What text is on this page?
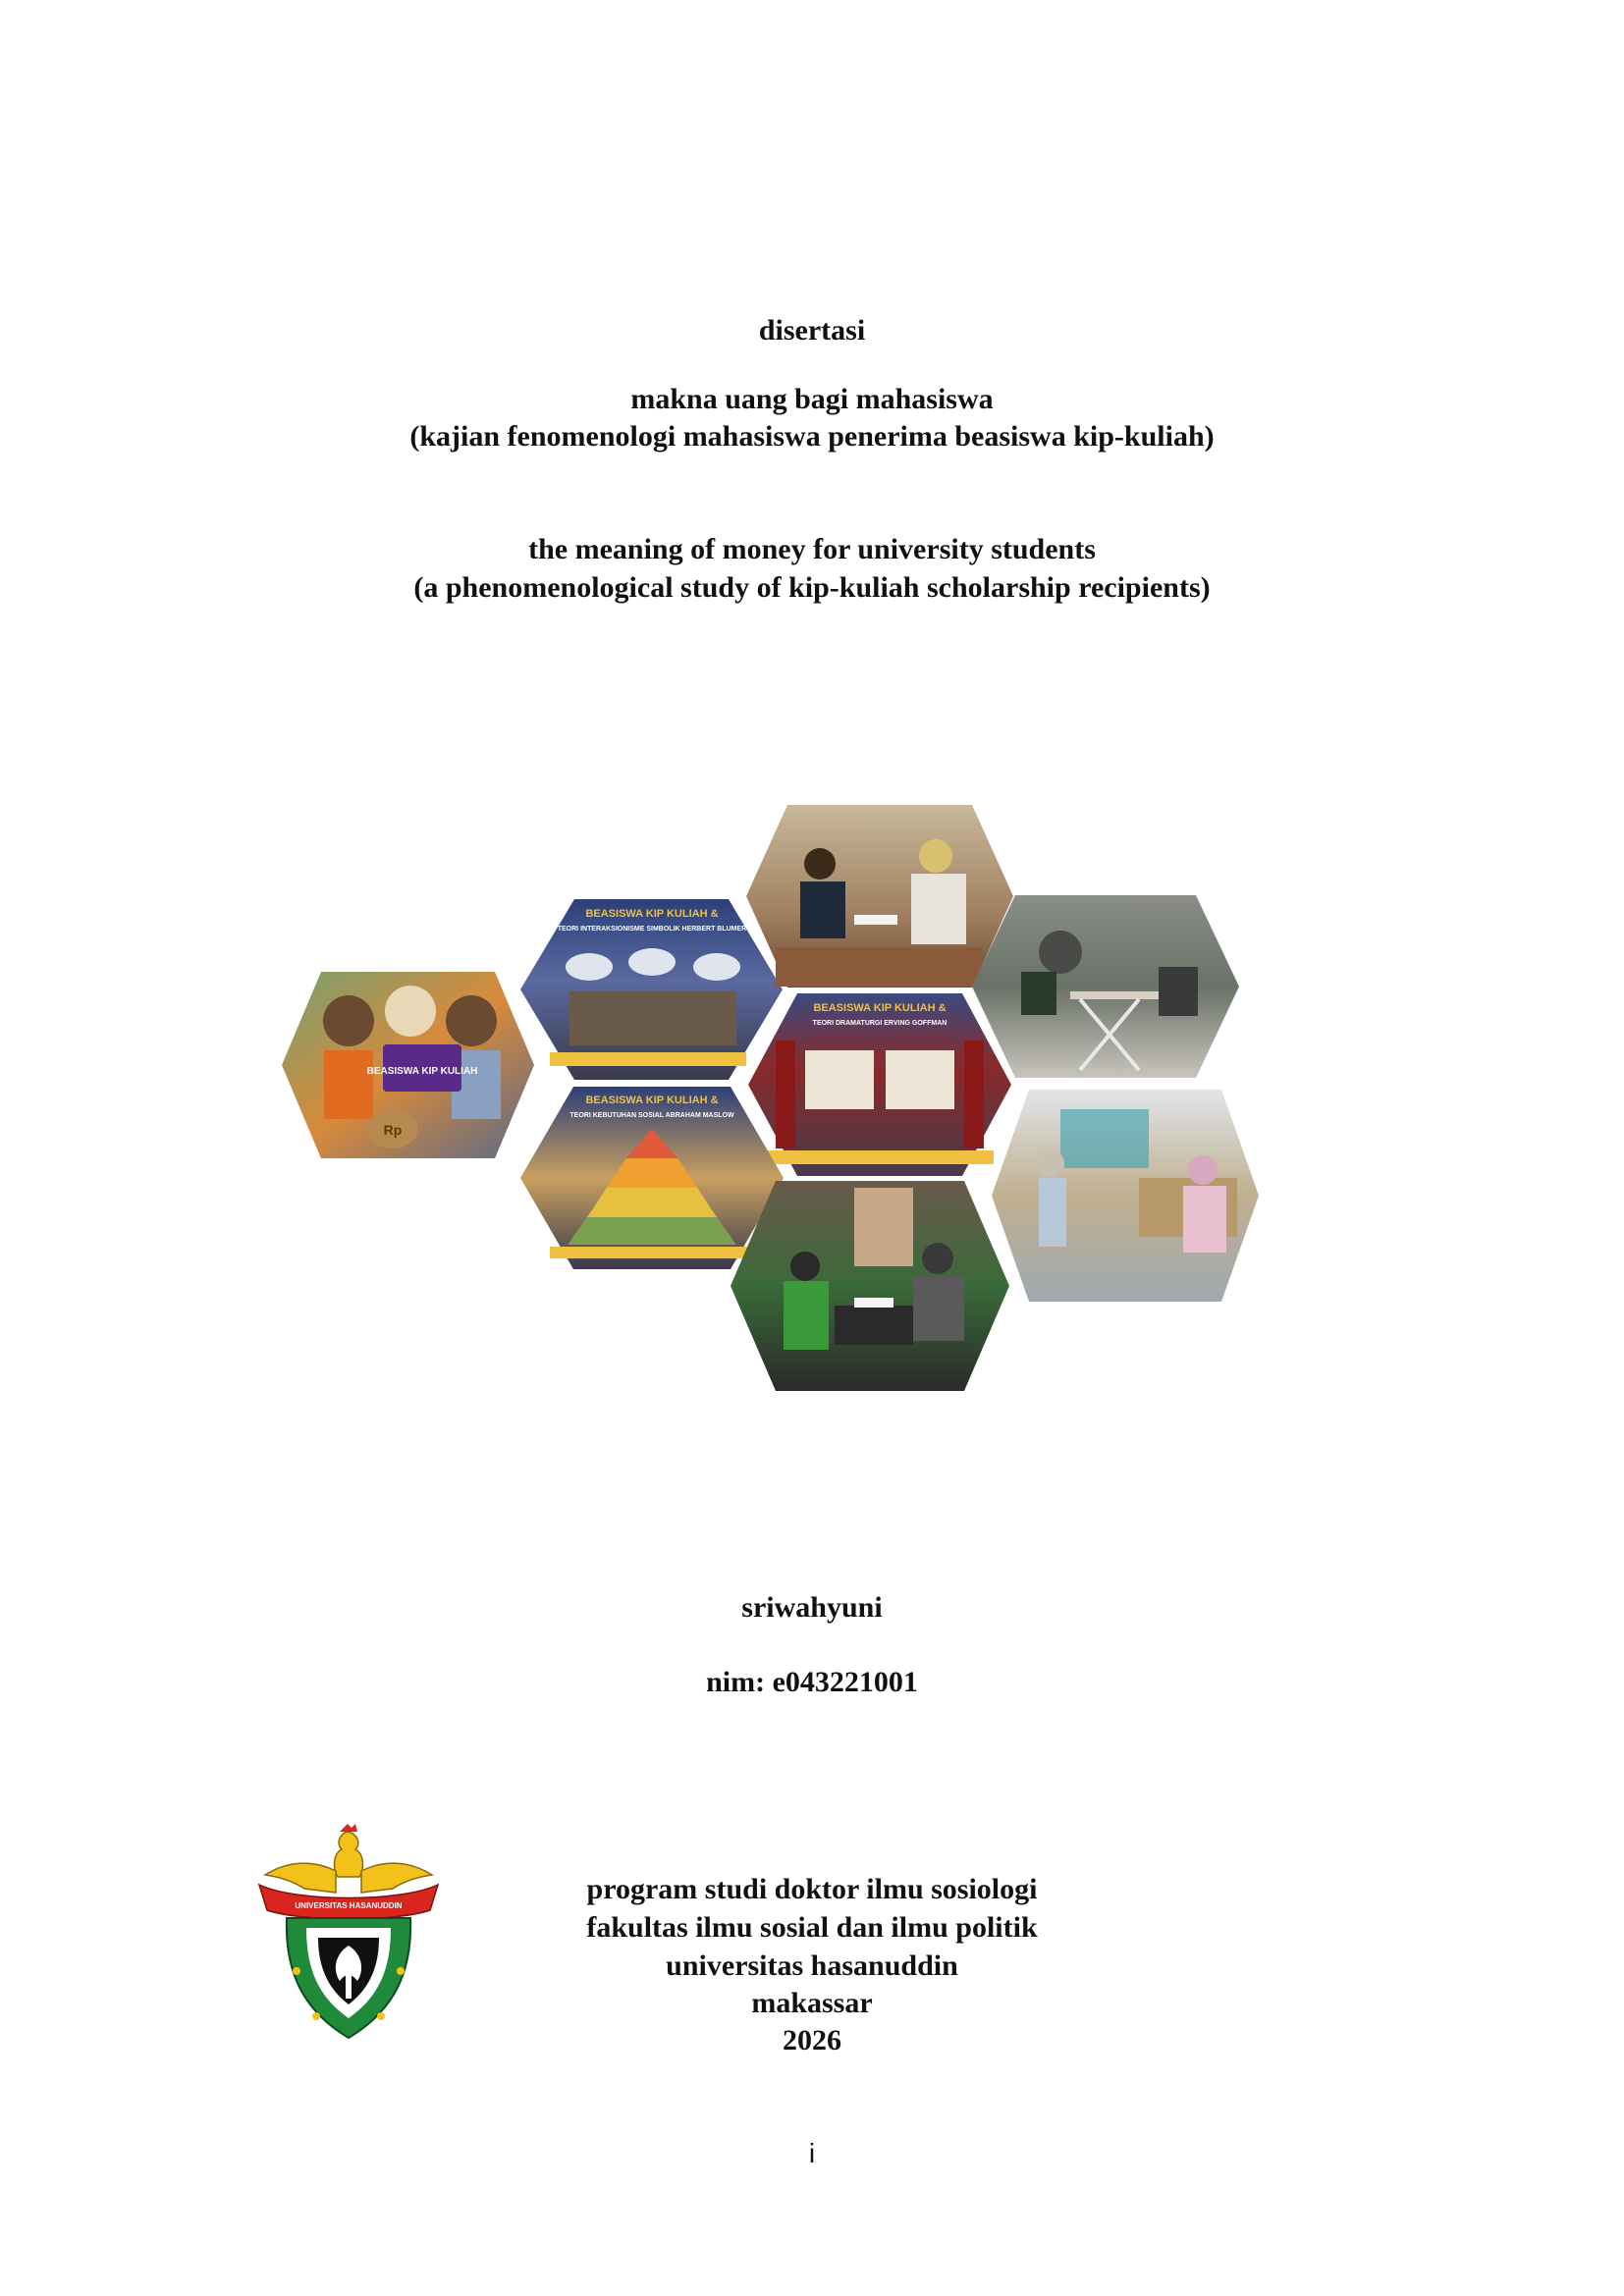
disertasi
makna uang bagi mahasiswa
(kajian fenomenologi mahasiswa penerima beasiswa kip-kuliah)
the meaning of money for university students
(a phenomenological study of kip-kuliah scholarship recipients)
BEASISWA KIP KULIAH
Rp
BEASISWA KIP KULIAH &
TEORI INTERAKSIONISME SIMBOLIK HERBERT BLUMER
BEASISWA KIP KULIAH &
TEORI DRAMATURGI ERVING GOFFMAN
BEASISWA KIP KULIAH &
TEORI KEBUTUHAN SOSIAL ABRAHAM MASLOW
sriwahyuni
nim: e043221001
UNIVERSITAS HASANUDDIN
program studi doktor ilmu sosiologi
fakultas ilmu sosial dan ilmu politik
universitas hasanuddin
makassar
2026
i
